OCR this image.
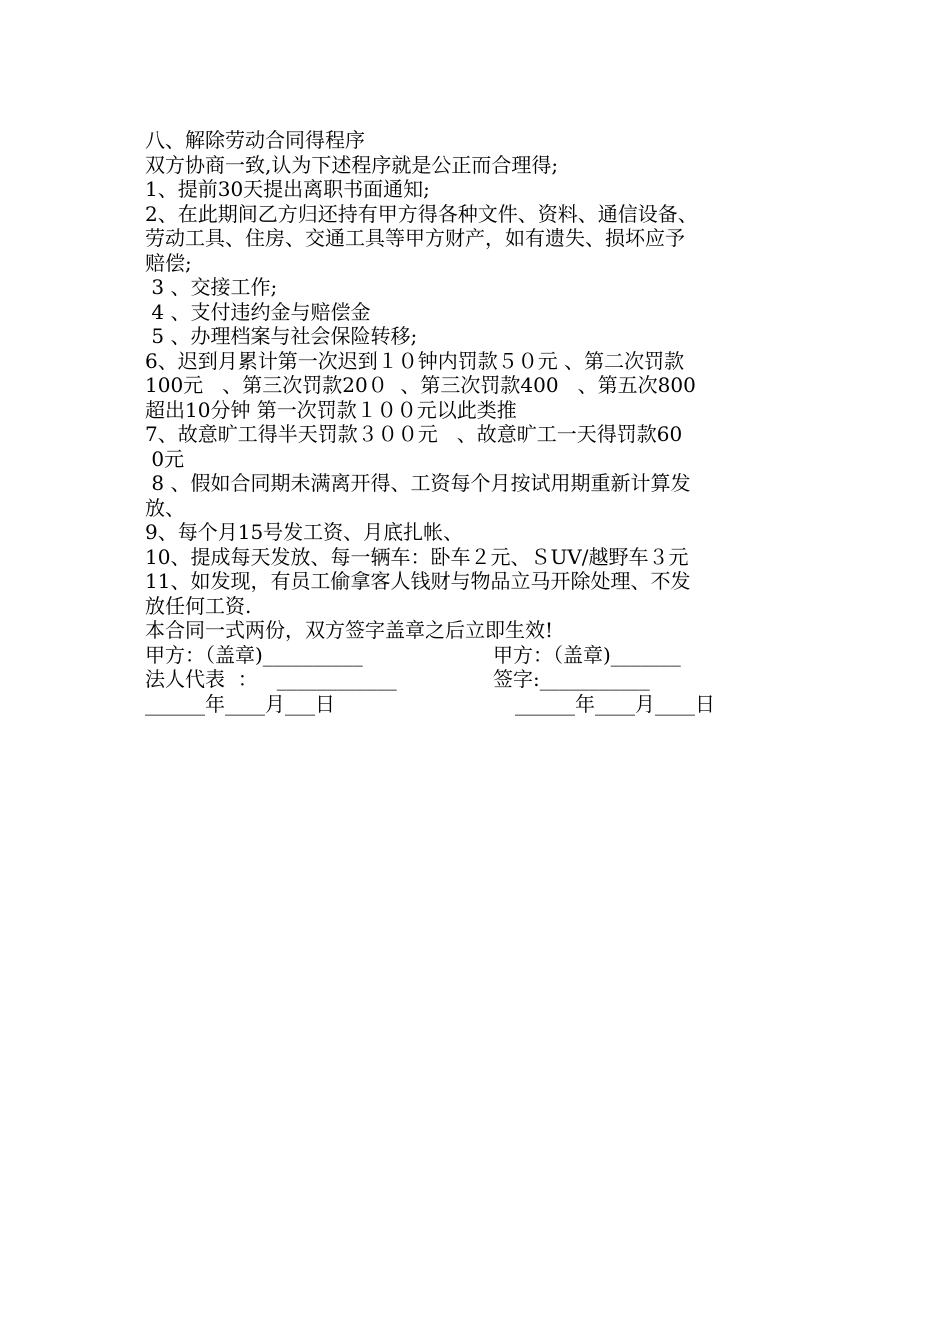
八、解除劳动合同得程序
双方协商一致,认为下述程序就是公正而合理得;
1、提前30天提出离职书面通知;
2、在此期间乙方归还持有甲方得各种文件、资料、通信设备、
劳动工具、住房、交通工具等甲方财产，如有遗失、损坏应予
赔偿;
3 、交接工作;
4 、支付违约金与赔偿金
5 、办理档案与社会保险转移;
6、迟到月累计第一次迟到１０钟内罚款５０元 、第二次罚款
100元   、第三次罚款20０  、第三次罚款400   、第五次800
超出10分钟 第一次罚款１００元以此类推
7、故意旷工得半天罚款３００元   、故意旷工一天得罚款60
0元
8 、假如合同期未满离开得、工资每个月按试用期重新计算发
放、
9、每个月15号发工资、月底扎帐、
10、提成每天发放、每一辆车：卧车２元、ＳUV/越野车３元
11、如发现，有员工偷拿客人钱财与物品立马开除处理、不发
放任何工资.
本合同一式两份，双方签字盖章之后立即生效!
甲方：（盖章)__________	甲方：（盖章)_______
法人代表  ：   ____________	签字:___________
______年____月___日	______年____月____日
